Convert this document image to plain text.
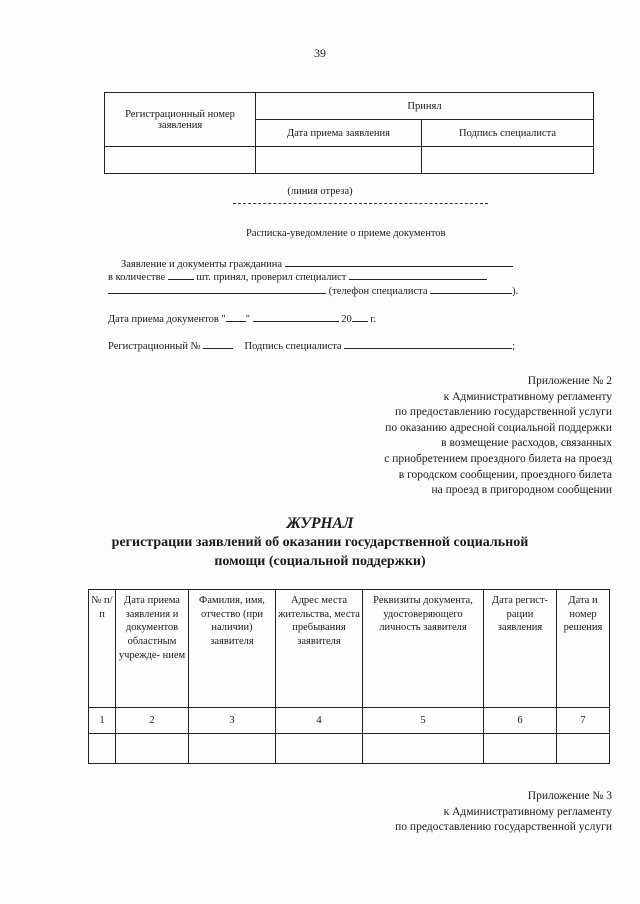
39
Регистрационный номер заявления	Принял	
	Дата приема заявления	Подпись специалиста

(линия отреза)
Расписка-уведомление о приеме документов
Заявление и документы гражданина
в количестве	шт. принял, проверил специалист
(телефон специалиста	).
Дата приема документов " "	20 г.
Регистрационный №	Подпись специалиста	;
Приложение № 2
к Административному регламенту
по предоставлению государственной услуги
по оказанию адресной социальной поддержки
в возмещение расходов, связанных
с приобретением проездного билета на проезд
в городском сообщении, проездного билета
на проезд в пригородном сообщении
ЖУРНАЛ
регистрации заявлений об оказании государственной социальной
помощи (социальной поддержки)
№ п/п	Дата приема заявления и документов областным учрежде- нием	Фамилия, имя, отчество (при наличии) заявителя	Адрес места жительства, места пребывания заявителя	Реквизиты документа, удостоверяющего личность заявителя	Дата регист- рации заявления	Дата и номер решения
1	2	3	4	5	6	7

Приложение № 3
к Административному регламенту
по предоставлению государственной услуги
